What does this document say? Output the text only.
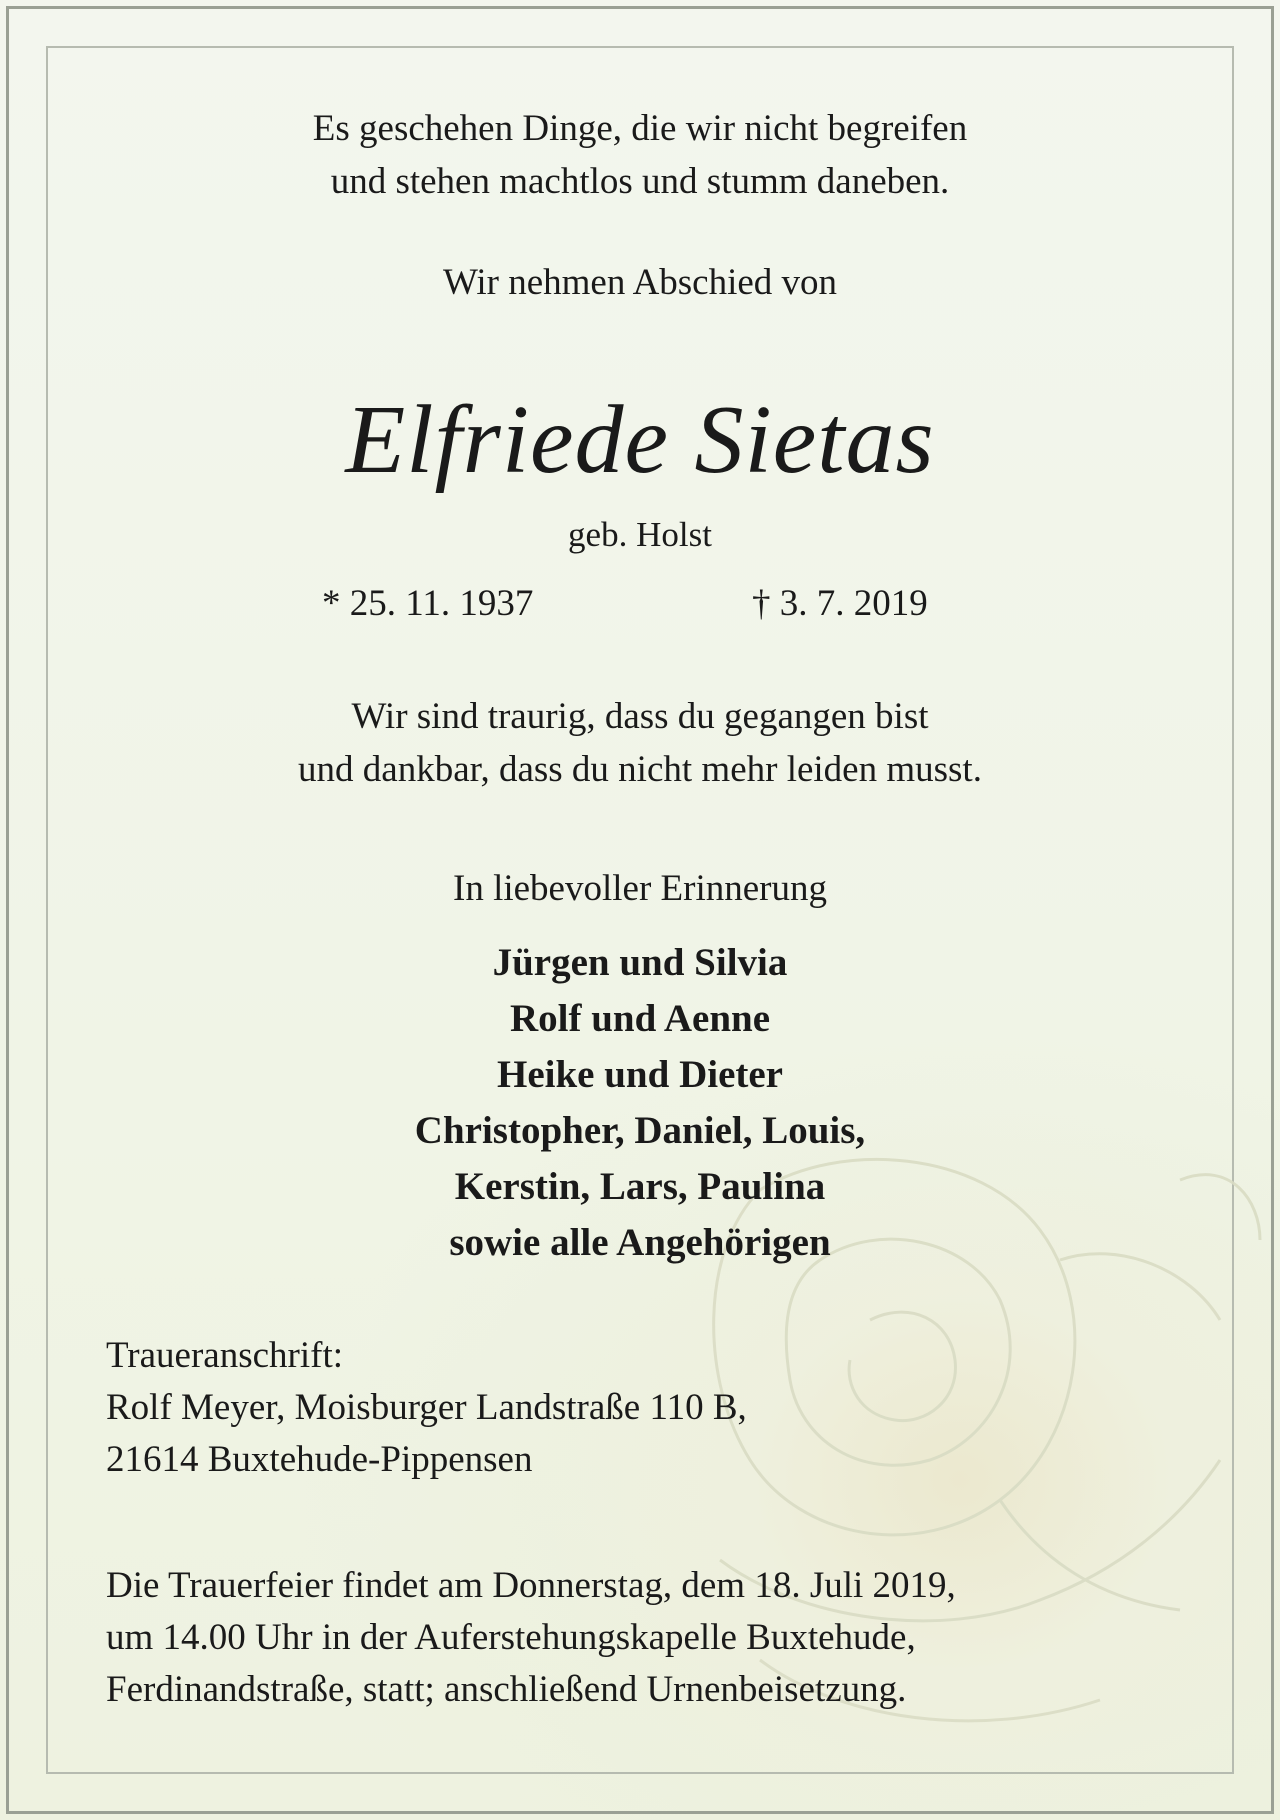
Es geschehen Dinge, die wir nicht begreifen
und stehen machtlos und stumm daneben.
Wir nehmen Abschied von
Elfriede Sietas
geb. Holst
* 25. 11. 1937	† 3. 7. 2019
Wir sind traurig, dass du gegangen bist
und dankbar, dass du nicht mehr leiden musst.
In liebevoller Erinnerung
Jürgen und Silvia
Rolf und Aenne
Heike und Dieter
Christopher, Daniel, Louis,
Kerstin, Lars, Paulina
sowie alle Angehörigen
Traueranschrift:
Rolf Meyer, Moisburger Landstraße 110 B,
21614 Buxtehude-Pippensen
Die Trauerfeier findet am Donnerstag, dem 18. Juli 2019,
um 14.00 Uhr in der Auferstehungskapelle Buxtehude,
Ferdinandstraße, statt; anschließend Urnenbeisetzung.
